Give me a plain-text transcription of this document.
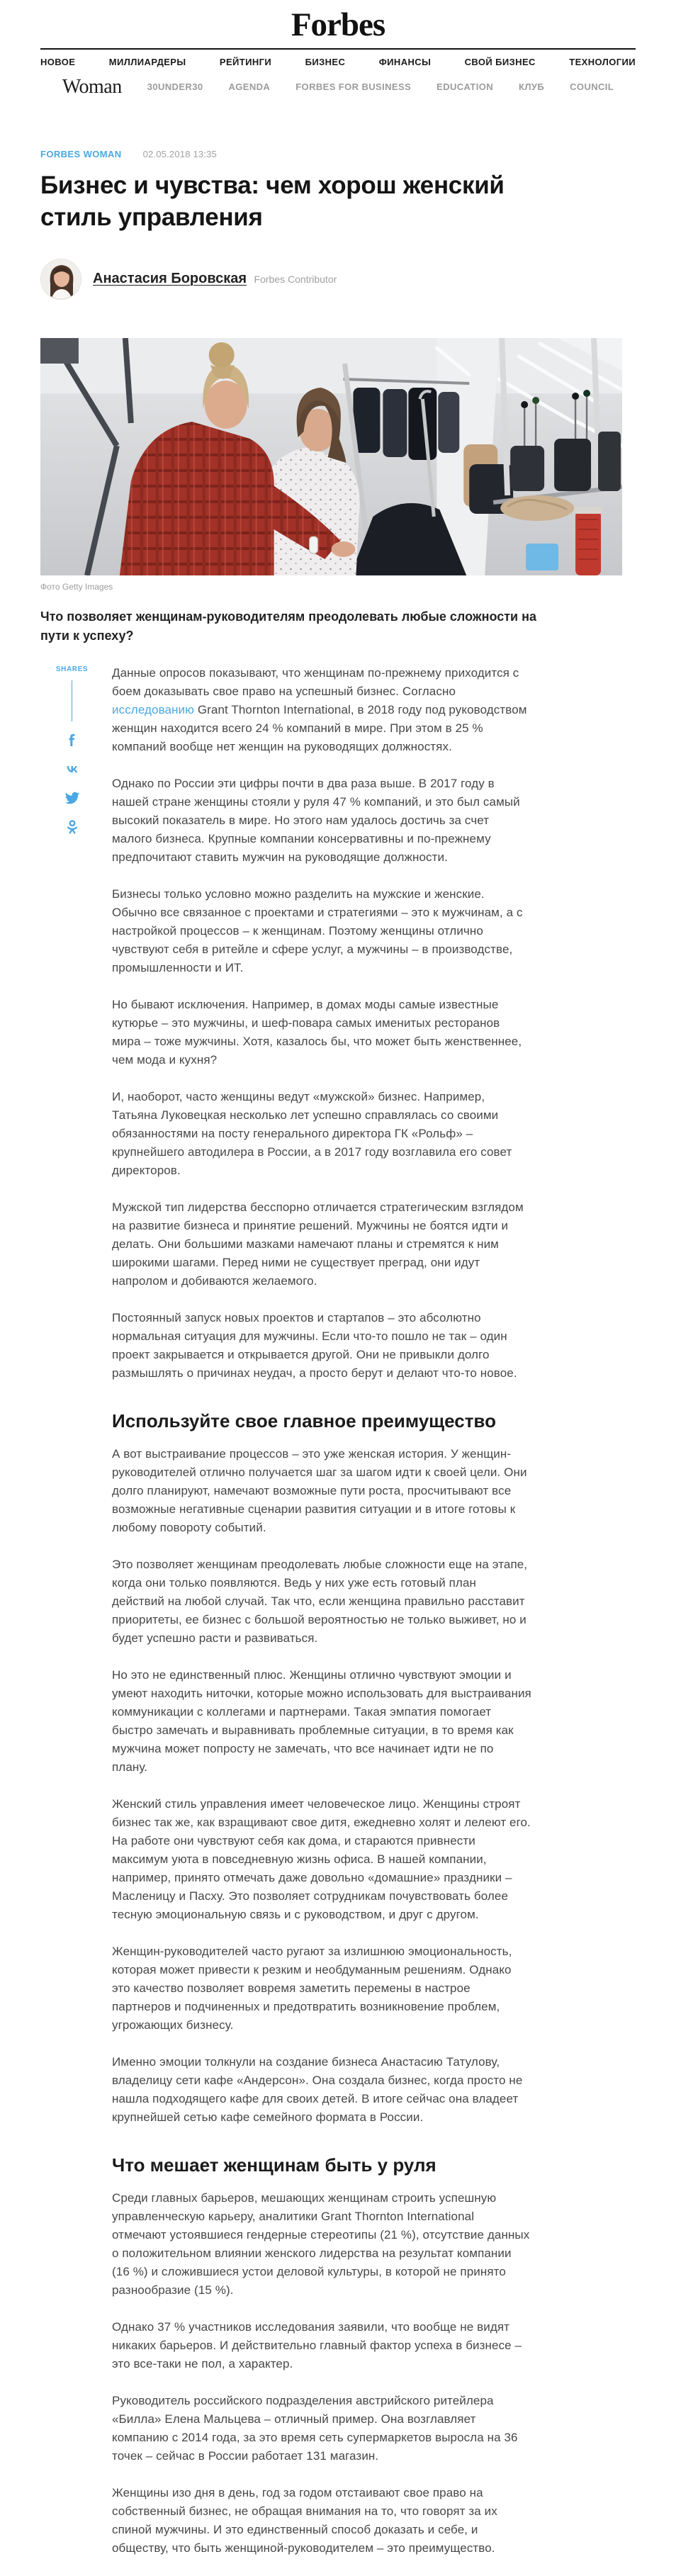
Forbes
НОВОЕ	МИЛЛИАРДЕРЫ	РЕЙТИНГИ	БИЗНЕС	ФИНАНСЫ	СВОЙ БИЗНЕС	ТЕХНОЛОГИИ
Woman	30UNDER30	AGENDA	FORBES FOR BUSINESS	EDUCATION	КЛУБ	COUNCIL
FORBES WOMAN 02.05.2018 13:35
Бизнес и чувства: чем хорош женский стиль управления
Анастасия Боровская Forbes Contributor
Фото Getty Images

Что позволяет женщинам-руководителям преодолевать любые сложности на пути к успеху?

SHARES Данные опросов показывают, что женщинам по-прежнему приходится с боем доказывать свое право на успешный бизнес. Согласно исследованию Grant Thornton International, в 2018 году под руководством женщин находится всего 24 % компаний в мире. При этом в 25 % компаний вообще нет женщин на руководящих должностях.

Однако по России эти цифры почти в два раза выше. В 2017 году в нашей стране женщины стояли у руля 47 % компаний, и это был самый высокий показатель в мире. Но этого нам удалось достичь за счет малого бизнеса. Крупные компании консервативны и по-прежнему предпочитают ставить мужчин на руководящие должности.

Бизнесы только условно можно разделить на мужские и женские. Обычно все связанное с проектами и стратегиями – это к мужчинам, а с настройкой процессов – к женщинам. Поэтому женщины отлично чувствуют себя в ритейле и сфере услуг, а мужчины – в производстве, промышленности и ИТ.

Но бывают исключения. Например, в домах моды самые известные кутюрье – это мужчины, и шеф-повара самых именитых ресторанов мира – тоже мужчины. Хотя, казалось бы, что может быть женственнее, чем мода и кухня?

И, наоборот, часто женщины ведут «мужской» бизнес. Например, Татьяна Луковецкая несколько лет успешно справлялась со своими обязанностями на посту генерального директора ГК «Рольф» – крупнейшего автодилера в России, а в 2017 году возглавила его совет директоров.

Мужской тип лидерства бесспорно отличается стратегическим взглядом на развитие бизнеса и принятие решений. Мужчины не боятся идти и делать. Они большими мазками намечают планы и стремятся к ним широкими шагами. Перед ними не существует преград, они идут напролом и добиваются желаемого.

Постоянный запуск новых проектов и стартапов – это абсолютно нормальная ситуация для мужчины. Если что-то пошло не так – один проект закрывается и открывается другой. Они не привыкли долго размышлять о причинах неудач, а просто берут и делают что-то новое.

Используйте свое главное преимущество

А вот выстраивание процессов – это уже женская история. У женщин-руководителей отлично получается шаг за шагом идти к своей цели. Они долго планируют, намечают возможные пути роста, просчитывают все возможные негативные сценарии развития ситуации и в итоге готовы к любому повороту событий.

Это позволяет женщинам преодолевать любые сложности еще на этапе, когда они только появляются. Ведь у них уже есть готовый план действий на любой случай. Так что, если женщина правильно расставит приоритеты, ее бизнес с большой вероятностью не только выживет, но и будет успешно расти и развиваться.

Но это не единственный плюс. Женщины отлично чувствуют эмоции и умеют находить ниточки, которые можно использовать для выстраивания коммуникации с коллегами и партнерами. Такая эмпатия помогает быстро замечать и выравнивать проблемные ситуации, в то время как мужчина может попросту не замечать, что все начинает идти не по плану.

Женский стиль управления имеет человеческое лицо. Женщины строят бизнес так же, как взращивают свое дитя, ежедневно холят и лелеют его. На работе они чувствуют себя как дома, и стараются привнести максимум уюта в повседневную жизнь офиса. В нашей компании, например, принято отмечать даже довольно «домашние» праздники – Масленицу и Пасху. Это позволяет сотрудникам почувствовать более тесную эмоциональную связь и с руководством, и друг с другом.

Женщин-руководителей часто ругают за излишнюю эмоциональность, которая может привести к резким и необдуманным решениям. Однако это качество позволяет вовремя заметить перемены в настрое партнеров и подчиненных и предотвратить возникновение проблем, угрожающих бизнесу.

Именно эмоции толкнули на создание бизнеса Анастасию Татулову, владелицу сети кафе «Андерсон». Она создала бизнес, когда просто не нашла подходящего кафе для своих детей. В итоге сейчас она владеет крупнейшей сетью кафе семейного формата в России.

Что мешает женщинам быть у руля

Среди главных барьеров, мешающих женщинам строить успешную управленческую карьеру, аналитики Grant Thornton International отмечают устоявшиеся гендерные стереотипы (21 %), отсутствие данных о положительном влиянии женского лидерства на результат компании (16 %) и сложившиеся устои деловой культуры, в которой не принято разнообразие (15 %).

Однако 37 % участников исследования заявили, что вообще не видят никаких барьеров. И действительно главный фактор успеха в бизнесе – это все-таки не пол, а характер.

Руководитель российского подразделения австрийского ритейлера «Билла» Елена Мальцева – отличный пример. Она возглавляет компанию с 2014 года, за это время сеть супермаркетов выросла на 36 точек – сейчас в России работает 131 магазин.

Женщины изо дня в день, год за годом отстаивают свое право на собственный бизнес, не обращая внимания на то, что говорят за их спиной мужчины. И это единственный способ доказать и себе, и обществу, что быть женщиной-руководителем – это преимущество.
